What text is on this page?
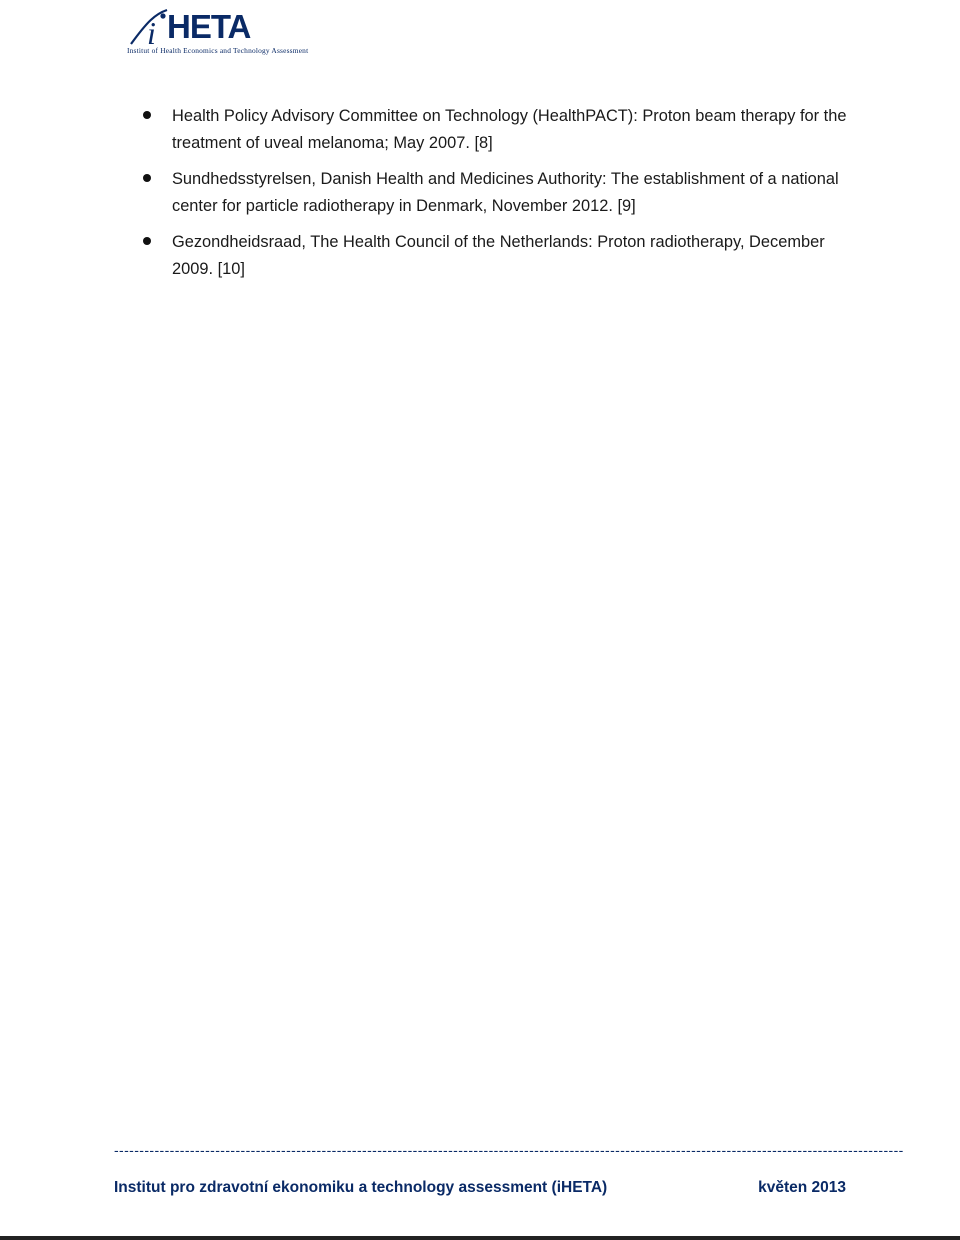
i HETA
Institut of Health Economics and Technology Assessment
Health Policy Advisory Committee on Technology (HealthPACT): Proton beam therapy for the treatment of uveal melanoma; May 2007. [8]
Sundhedsstyrelsen, Danish Health and Medicines Authority: The establishment of a national center for particle radiotherapy in Denmark, November 2012. [9]
Gezondheidsraad, The Health Council of the Netherlands: Proton radiotherapy, December 2009. [10]
------------------------------------------------------------------------------------------------------------------------------------------------------------
Institut pro zdravotní ekonomiku a technology assessment (iHETA)	květen 2013
